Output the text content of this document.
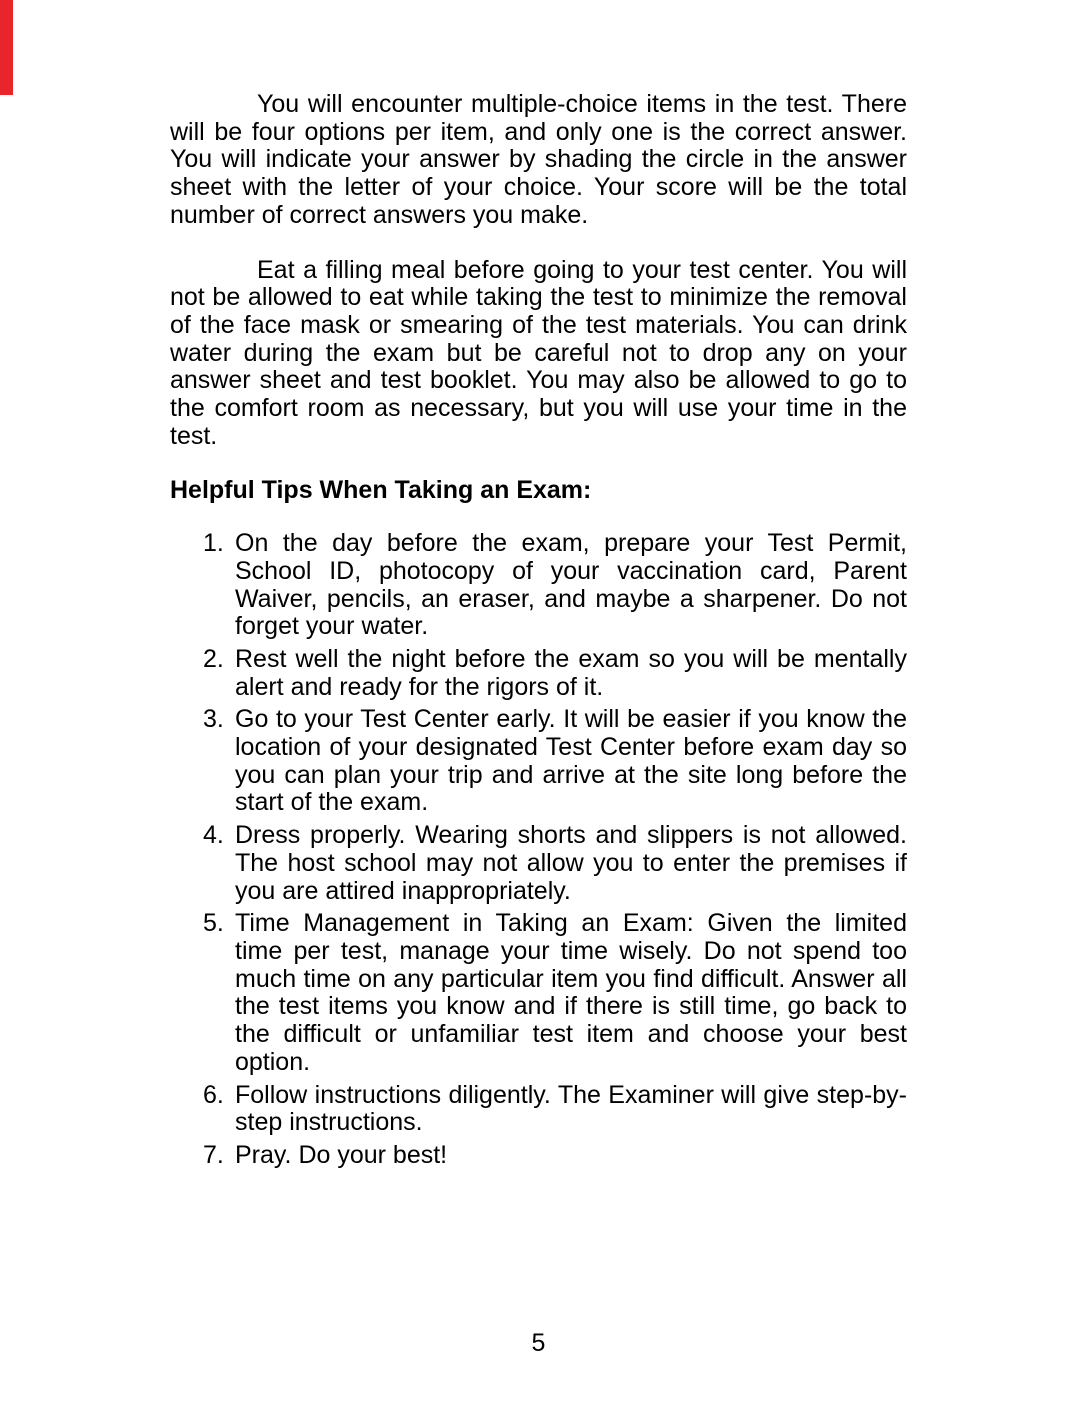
You will encounter multiple-choice items in the test. There will be four options per item, and only one is the correct answer. You will indicate your answer by shading the circle in the answer sheet with the letter of your choice. Your score will be the total number of correct answers you make.

Eat a filling meal before going to your test center. You will not be allowed to eat while taking the test to minimize the removal of the face mask or smearing of the test materials. You can drink water during the exam but be careful not to drop any on your answer sheet and test booklet. You may also be allowed to go to the comfort room as necessary, but you will use your time in the test.

Helpful Tips When Taking an Exam:
1. On the day before the exam, prepare your Test Permit, School ID, photocopy of your vaccination card, Parent Waiver, pencils, an eraser, and maybe a sharpener. Do not forget your water.
2. Rest well the night before the exam so you will be mentally alert and ready for the rigors of it.
3. Go to your Test Center early. It will be easier if you know the location of your designated Test Center before exam day so you can plan your trip and arrive at the site long before the start of the exam.
4. Dress properly. Wearing shorts and slippers is not allowed. The host school may not allow you to enter the premises if you are attired inappropriately.
5. Time Management in Taking an Exam: Given the limited time per test, manage your time wisely. Do not spend too much time on any particular item you find difficult. Answer all the test items you know and if there is still time, go back to the difficult or unfamiliar test item and choose your best option.
6. Follow instructions diligently. The Examiner will give step-by-step instructions.
7. Pray. Do your best!
5
